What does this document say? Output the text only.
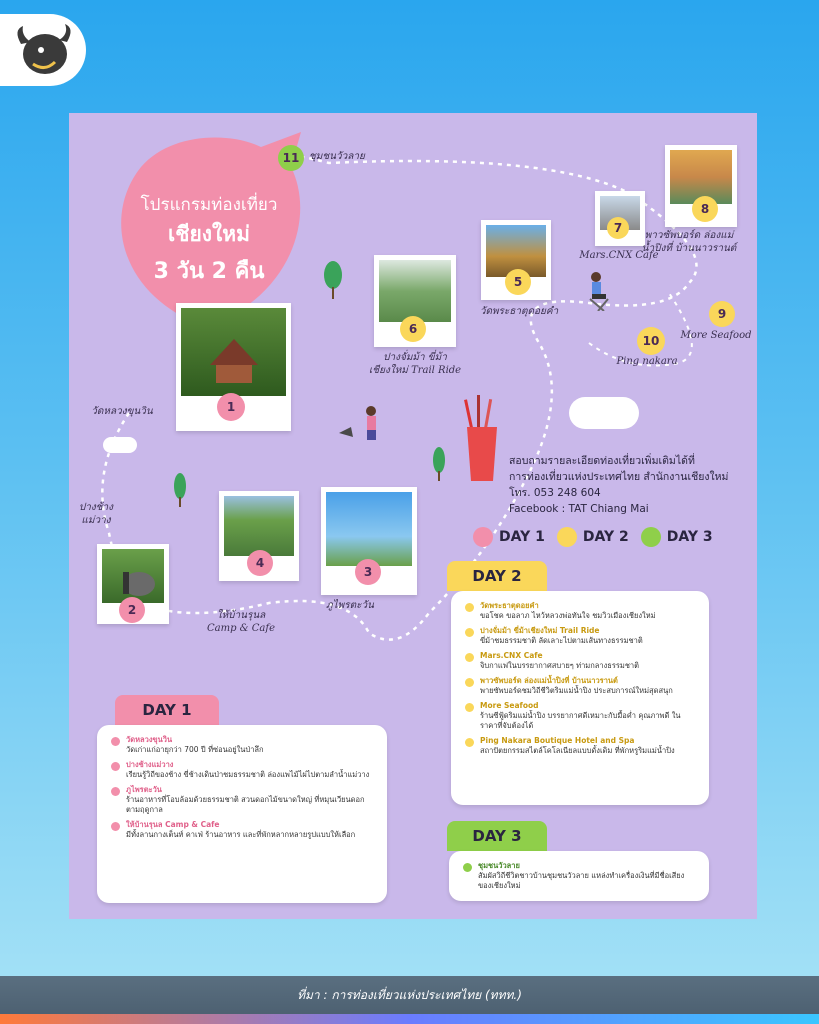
โปรแกรมท่องเที่ยว
เชียงใหม่
3 วัน 2 คืน
1
วัดหลวงขุนวิน
2
ปางช้าง แม่วาง
4
ให้บ้านรุนล Camp & Cafe
3
ภูไพรตะวัน
6
ปางจั่มม้า ขี่ม้าเชียงใหม่ Trail Ride
5
วัดพระธาตุดอยคำ
7
Mars.CNX Cafe
8
พาวซัพบอร์ด ล่องแม่น้ำปิงที่ บ้านนาวรานต์
9
More Seafood
10
Ping nakara
11 ชุมชนวัวลาย
สอบถามรายละเอียดท่องเที่ยวเพิ่มเติมได้ที่
การท่องเที่ยวแห่งประเทศไทย สำนักงานเชียงใหม่
โทร. 053 248 604
Facebook : TAT Chiang Mai
DAY 1	DAY 2	DAY 3
DAY 2
วัดพระธาตุดอยคำ
ขอโชค ขอลาภ ไหว้หลวงพ่อทันใจ ชมวิวเมืองเชียงใหม่
ปางจั่มม้า ขี่ม้าเชียงใหม่ Trail Ride
ขี่ม้าชมธรรมชาติ ลัดเลาะไปตามเส้นทางธรรมชาติ
Mars.CNX Cafe
จิบกาแฟในบรรยากาศสบายๆ ท่ามกลางธรรมชาติ
พาวซัพบอร์ด ล่องแม่น้ำปิงที่ บ้านนาวรานต์
พายซัพบอร์ดชมวิถีชีวิตริมแม่น้ำปิง ประสบการณ์ใหม่สุดสนุก
More Seafood
ร้านซีฟู้ดริมแม่น้ำปิง บรรยากาศดีเหมาะกับมื้อค่ำ คุณภาพดี ในราคาที่จับต้องได้
Ping Nakara Boutique Hotel and Spa
สถาปัตยกรรมสไตล์โคโลเนียลแบบดั้งเดิม ที่พักหรูริมแม่น้ำปิง
DAY 1
วัดหลวงขุนวิน
วัดเก่าแก่อายุกว่า 700 ปี ที่ซ่อนอยู่ในป่าลึก
ปางช้างแม่วาง
เรียนรู้วิถีของช้าง ขี่ช้างเดินป่าชมธรรมชาติ ล่องแพไม้ไผ่ไปตามลำน้ำแม่วาง
ภูไพรตะวัน
ร้านอาหารที่โอบล้อมด้วยธรรมชาติ สวนดอกไม้ขนาดใหญ่ ที่หมุนเวียนดอกตามฤดูกาล
ให้บ้านรุนล Camp & Cafe
มีทั้งลานกางเต็นท์ คาเฟ่ ร้านอาหาร และที่พักหลากหลายรูปแบบให้เลือก	DAY 3
ชุมชนวัวลาย
สัมผัสวิถีชีวิตชาวบ้านชุมชนวัวลาย แหล่งทำเครื่องเงินที่มีชื่อเสียงของเชียงใหม่
ที่มา : การท่องเที่ยวแห่งประเทศไทย (ททท.)
